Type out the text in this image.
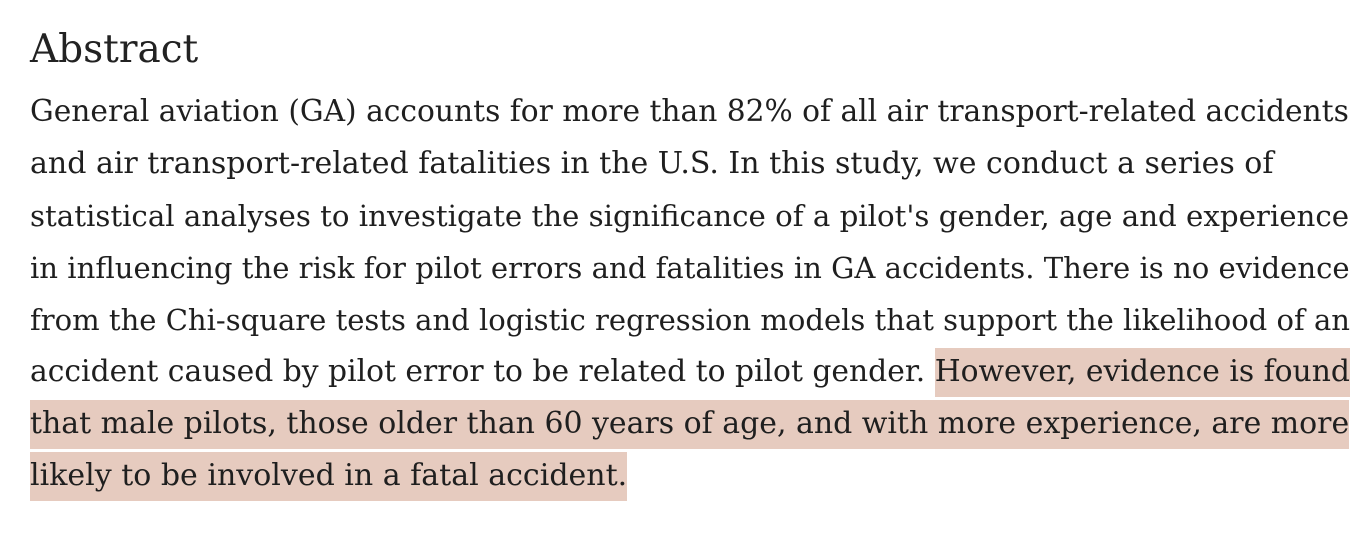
Abstract

General aviation (GA) accounts for more than 82% of all air transport-related accidents
and air transport-related fatalities in the U.S. In this study, we conduct a series of
statistical analyses to investigate the significance of a pilot's gender, age and experience
in influencing the risk for pilot errors and fatalities in GA accidents. There is no evidence
from the Chi-square tests and logistic regression models that support the likelihood of an
accident caused by pilot error to be related to pilot gender. However, evidence is found
that male pilots, those older than 60 years of age, and with more experience, are more
likely to be involved in a fatal accident.
